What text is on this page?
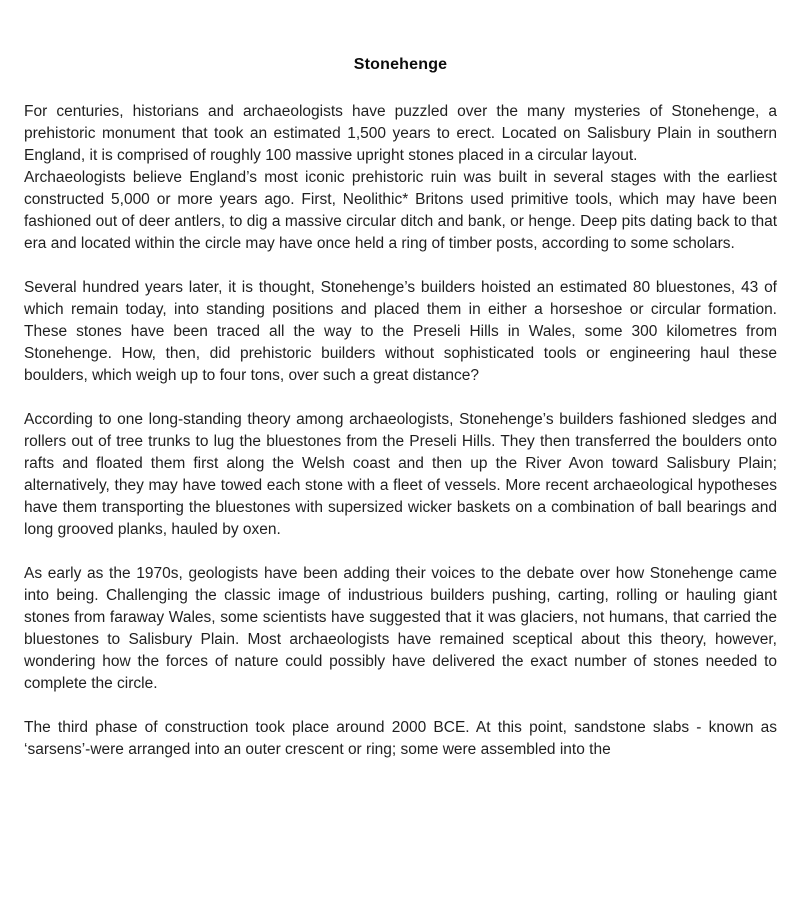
Stonehenge

For centuries, historians and archaeologists have puzzled over the many mysteries of Stonehenge, a prehistoric monument that took an estimated 1,500 years to erect. Located on Salisbury Plain in southern England, it is comprised of roughly 100 massive upright stones placed in a circular layout.

Archaeologists believe England’s most iconic prehistoric ruin was built in several stages with the earliest constructed 5,000 or more years ago. First, Neolithic* Britons used primitive tools, which may have been fashioned out of deer antlers, to dig a massive circular ditch and bank, or henge. Deep pits dating back to that era and located within the circle may have once held a ring of timber posts, according to some scholars.

Several hundred years later, it is thought, Stonehenge’s builders hoisted an estimated 80 bluestones, 43 of which remain today, into standing positions and placed them in either a horseshoe or circular formation. These stones have been traced all the way to the Preseli Hills in Wales, some 300 kilometres from Stonehenge. How, then, did prehistoric builders without sophisticated tools or engineering haul these boulders, which weigh up to four tons, over such a great distance?

According to one long-standing theory among archaeologists, Stonehenge’s builders fashioned sledges and rollers out of tree trunks to lug the bluestones from the Preseli Hills. They then transferred the boulders onto rafts and floated them first along the Welsh coast and then up the River Avon toward Salisbury Plain; alternatively, they may have towed each stone with a fleet of vessels. More recent archaeological hypotheses have them transporting the bluestones with supersized wicker baskets on a combination of ball bearings and long grooved planks, hauled by oxen.

As early as the 1970s, geologists have been adding their voices to the debate over how Stonehenge came into being. Challenging the classic image of industrious builders pushing, carting, rolling or hauling giant stones from faraway Wales, some scientists have suggested that it was glaciers, not humans, that carried the bluestones to Salisbury Plain. Most archaeologists have remained sceptical about this theory, however, wondering how the forces of nature could possibly have delivered the exact number of stones needed to complete the circle.

The third phase of construction took place around 2000 BCE. At this point, sandstone slabs - known as ‘sarsens’-were arranged into an outer crescent or ring; some were assembled into the
